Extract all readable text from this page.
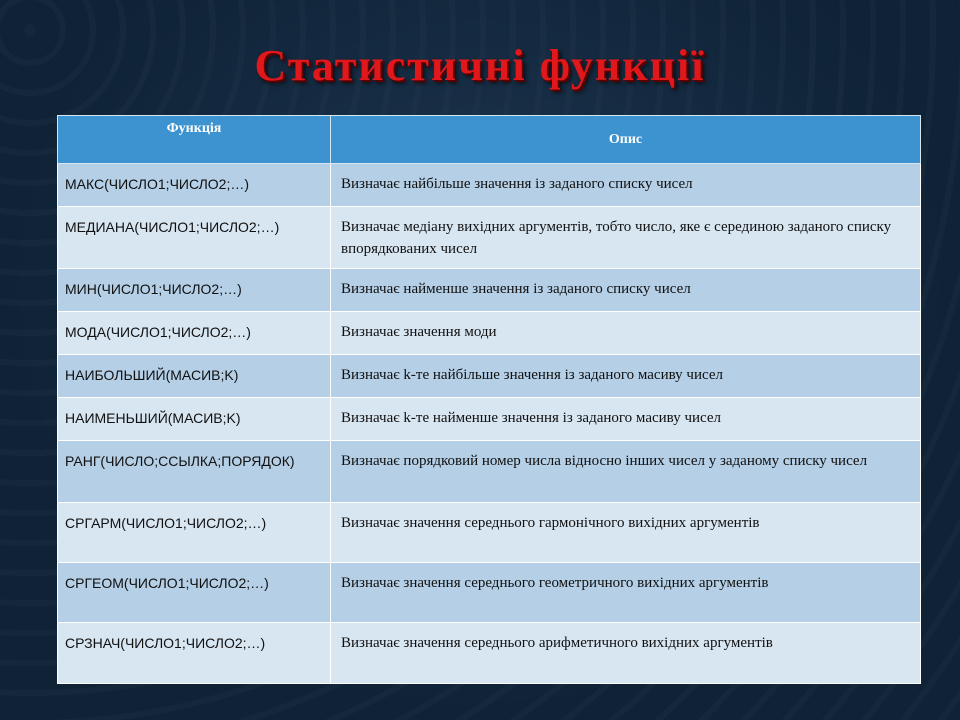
Статистичні функції
Функція	Опис
МАКС(ЧИСЛО1;ЧИСЛО2;…)	Визначає найбільше значення із заданого списку чисел
МЕДИАНА(ЧИСЛО1;ЧИСЛО2;…)	Визначає медіану вихідних аргументів, тобто число, яке є серединою заданого списку впорядкованих чисел
МИН(ЧИСЛО1;ЧИСЛО2;…)	Визначає найменше значення із заданого списку чисел
МОДА(ЧИСЛО1;ЧИСЛО2;…)	Визначає значення моди
НАИБОЛЬШИЙ(МАСИВ;K)	Визначає k-те найбільше значення із заданого масиву чисел
НАИМЕНЬШИЙ(МАСИВ;K)	Визначає k-те найменше значення із заданого масиву чисел
РАНГ(ЧИСЛО;ССЫЛКА;ПОРЯДОК)	Визначає порядковий номер числа відносно інших чисел у заданому списку чисел
СРГАРМ(ЧИСЛО1;ЧИСЛО2;…)	Визначає значення середнього гармонічного вихідних аргументів
СРГЕОМ(ЧИСЛО1;ЧИСЛО2;…)	Визначає значення середнього геометричного вихідних аргументів
СРЗНАЧ(ЧИСЛО1;ЧИСЛО2;…)	Визначає значення середнього арифметичного вихідних аргументів
